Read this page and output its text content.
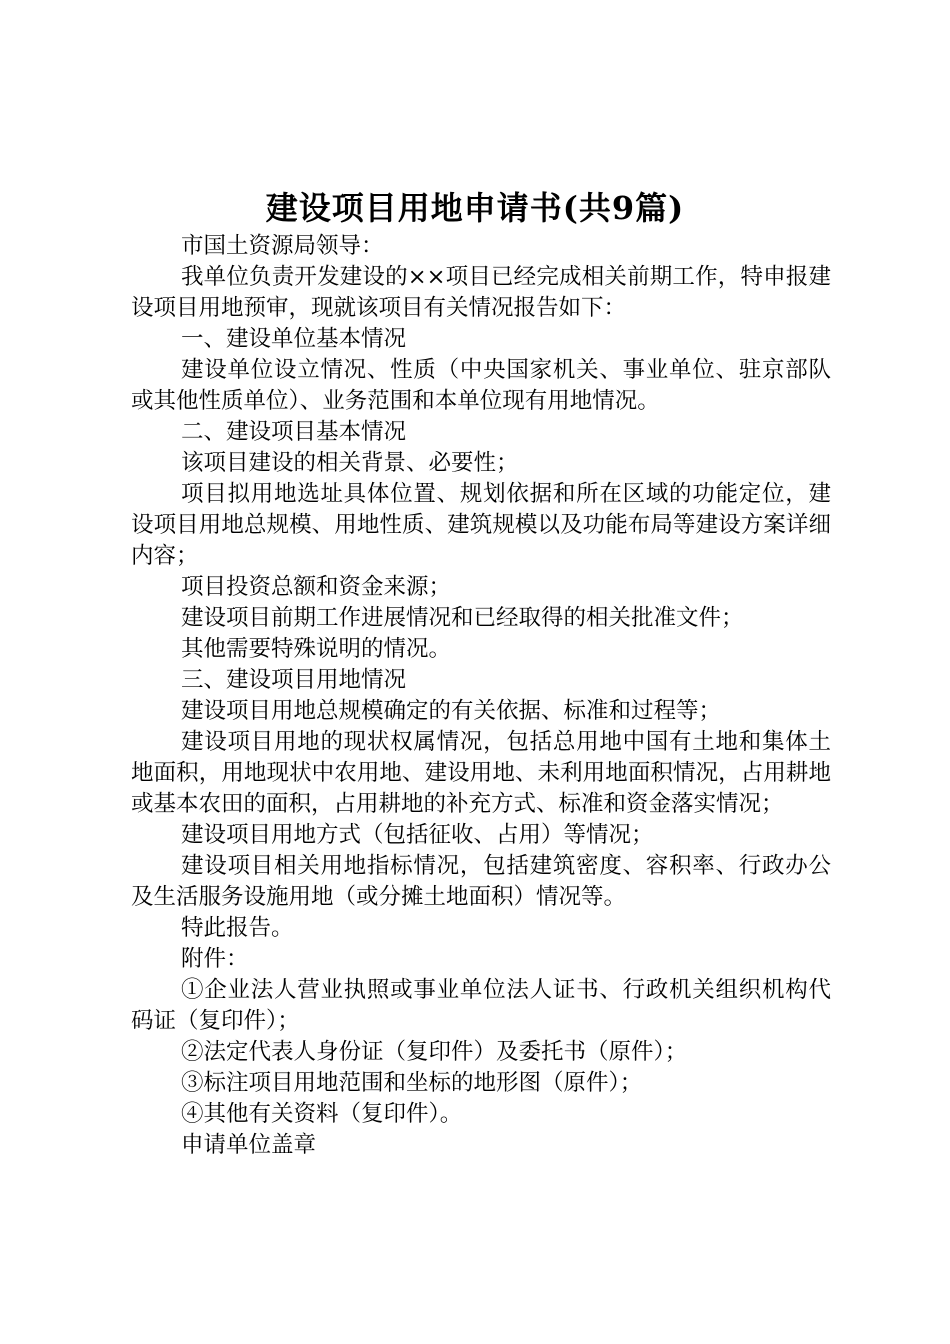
建设项目用地申请书(共9篇)

市国土资源局领导：

我单位负责开发建设的××项目已经完成相关前期工作，特申报建设项目用地预审，现就该项目有关情况报告如下：

一、建设单位基本情况

建设单位设立情况、性质（中央国家机关、事业单位、驻京部队或其他性质单位）、业务范围和本单位现有用地情况。

二、建设项目基本情况

该项目建设的相关背景、必要性；

项目拟用地选址具体位置、规划依据和所在区域的功能定位，建设项目用地总规模、用地性质、建筑规模以及功能布局等建设方案详细内容；

项目投资总额和资金来源；

建设项目前期工作进展情况和已经取得的相关批准文件；

其他需要特殊说明的情况。

三、建设项目用地情况

建设项目用地总规模确定的有关依据、标准和过程等；

建设项目用地的现状权属情况，包括总用地中国有土地和集体土地面积，用地现状中农用地、建设用地、未利用地面积情况，占用耕地或基本农田的面积，占用耕地的补充方式、标准和资金落实情况；

建设项目用地方式（包括征收、占用）等情况；

建设项目相关用地指标情况，包括建筑密度、容积率、行政办公及生活服务设施用地（或分摊土地面积）情况等。

特此报告。

附件：

①企业法人营业执照或事业单位法人证书、行政机关组织机构代码证（复印件）；

②法定代表人身份证（复印件）及委托书（原件）；

③标注项目用地范围和坐标的地形图（原件）；

④其他有关资料（复印件）。

申请单位盖章
